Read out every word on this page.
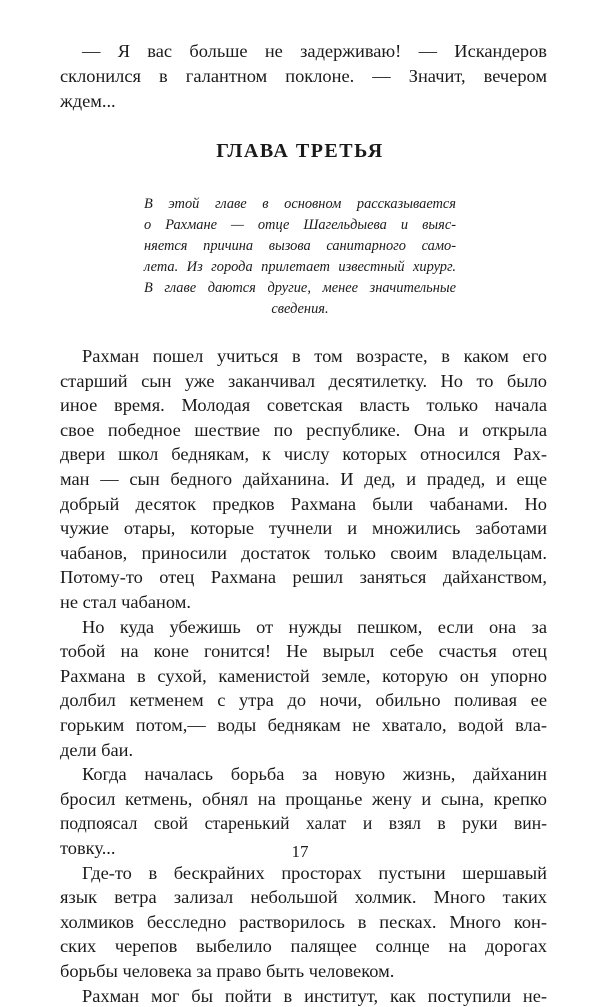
— Я вас больше не задерживаю! — Искандеров
склонился в галантном поклоне. — Значит, вечером
ждем...
ГЛАВА ТРЕТЬЯ
В этой главе в основном рассказывается
о Рахмане — отце Шагельдыева и выяс-
няется причина вызова санитарного само-
лета. Из города прилетает известный хирург.
В главе даются другие, менее значительные
сведения.
Рахман пошел учиться в том возрасте, в каком его
старший сын уже заканчивал десятилетку. Но то было
иное время. Молодая советская власть только начала
свое победное шествие по республике. Она и открыла
двери школ беднякам, к числу которых относился Рах-
ман — сын бедного дайханина. И дед, и прадед, и еще
добрый десяток предков Рахмана были чабанами. Но
чужие отары, которые тучнели и множились заботами
чабанов, приносили достаток только своим владельцам.
Потому-то отец Рахмана решил заняться дайханством,
не стал чабаном.
Но куда убежишь от нужды пешком, если она за
тобой на коне гонится! Не вырыл себе счастья отец
Рахмана в сухой, каменистой земле, которую он упорно
долбил кетменем с утра до ночи, обильно поливая ее
горьким потом,— воды беднякам не хватало, водой вла-
дели баи.
Когда началась борьба за новую жизнь, дайханин
бросил кетмень, обнял на прощанье жену и сына, крепко
подпоясал свой старенький халат и взял в руки вин-
товку...
Где-то в бескрайних просторах пустыни шершавый
язык ветра зализал небольшой холмик. Много таких
холмиков бесследно растворилось в песках. Много кон-
ских черепов выбелило палящее солнце на дорогах
борьбы человека за право быть человеком.
Рахман мог бы пойти в институт, как поступили не-
17
